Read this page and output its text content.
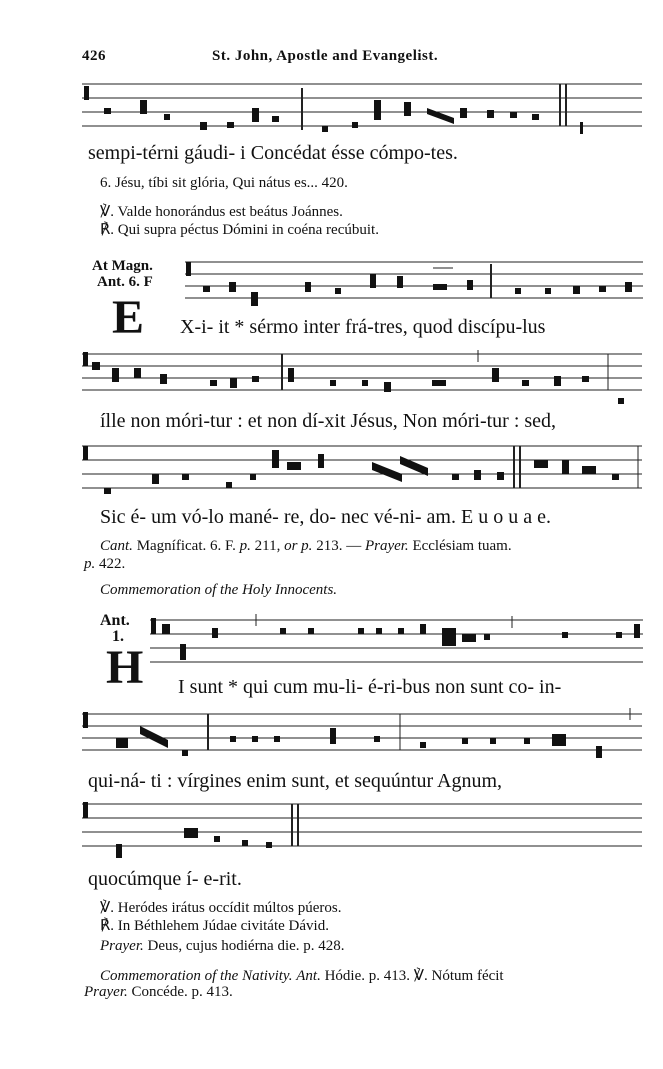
426	St. John, Apostle and Evangelist.
sempi-térni gáudi- i Concédat ésse cómpo-tes.
6. Jésu, tíbi sit glória, Qui nátus es... 420.
℣. Valde honorándus est beátus Joánnes.
℟. Qui supra péctus Dómini in coéna recúbuit.
At Magn.
Ant. 6. F
E X-i- it * sérmo inter frá-tres, quod discípu-lus
ílle non móri-tur : et non dí-xit Jésus, Non móri-tur : sed,
Sic é- um vó-lo mané- re, do- nec vé-ni- am. E u o u a e.
Cant. Magníficat. 6. F. p. 211, or p. 213. — Prayer. Ecclésiam tuam.
p. 422.
Commemoration of the Holy Innocents.
Ant.
1.
H I sunt * qui cum mu-li- é-ri-bus non sunt co- in-
qui-ná- ti : vírgines enim sunt, et sequúntur Agnum,
quocúmque í- e-rit.
℣. Heródes irátus occídit múltos púeros.
℟. In Béthlehem Júdae civitáte Dávid.
Prayer. Deus, cujus hodiérna die. p. 428.
Commemoration of the Nativity. Ant. Hódie. p. 413. ℣. Nótum fécit
Prayer. Concéde. p. 413.
